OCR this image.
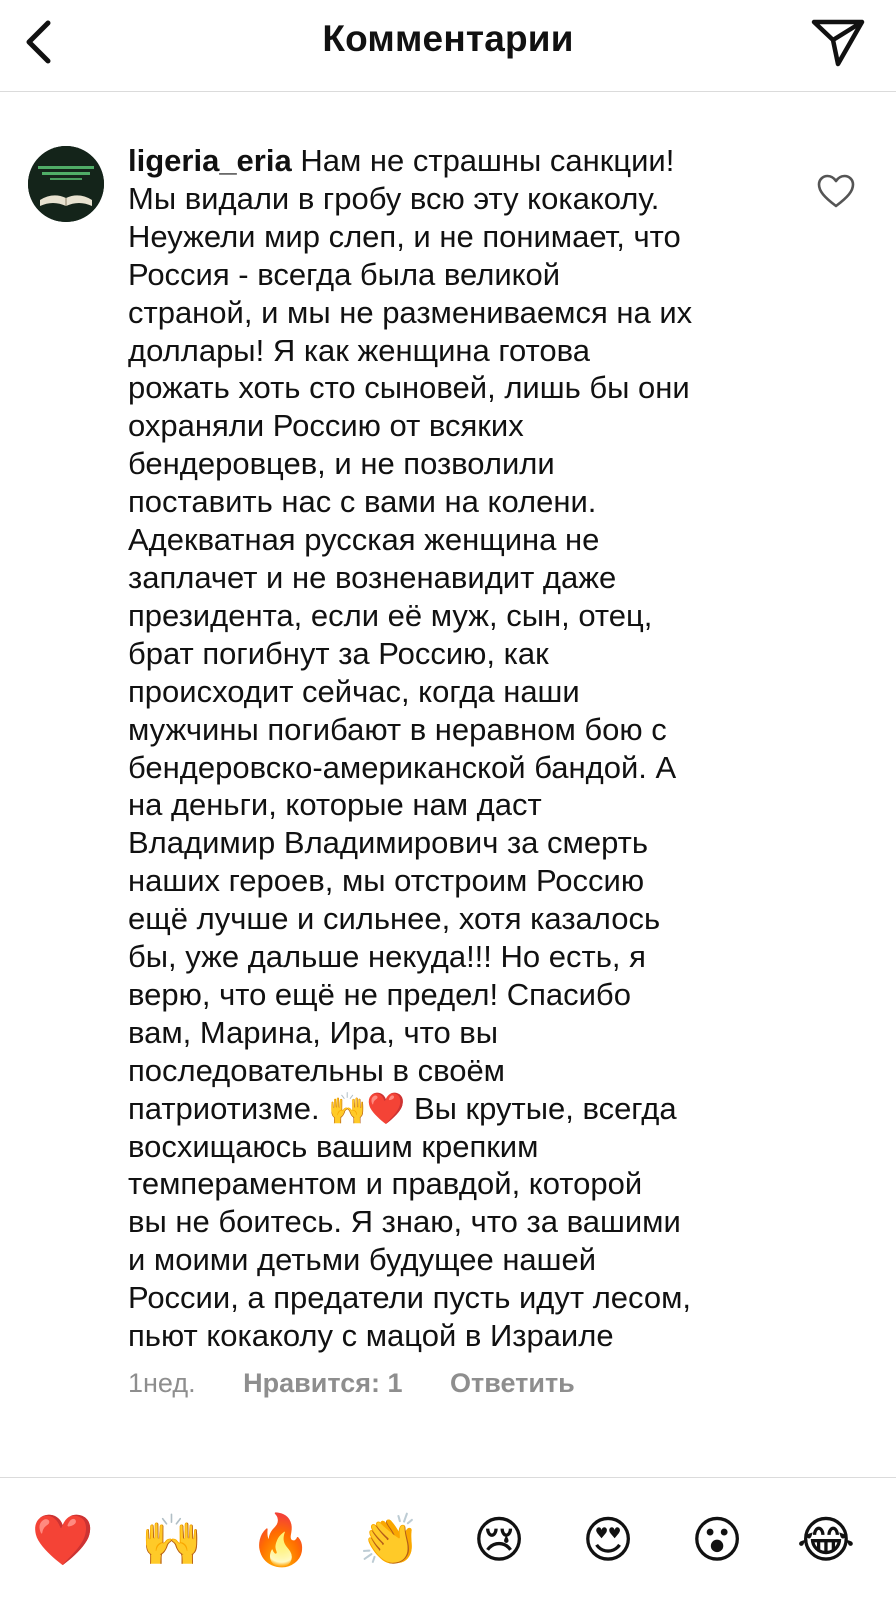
Комментарии
ligeria_eria Нам не страшны санкции!
Мы видали в гробу всю эту кокаколу.
Неужели мир слеп, и не понимает, что
Россия - всегда была великой
страной, и мы не размениваемся на их
доллары! Я как женщина готова
рожать хоть сто сыновей, лишь бы они
охраняли Россию от всяких
бендеровцев, и не позволили
поставить нас с вами на колени.
Адекватная русская женщина не
заплачет и не возненавидит даже
президента, если её муж, сын, отец,
брат погибнут за Россию, как
происходит сейчас, когда наши
мужчины погибают в неравном бою с
бендеровско-американской бандой. А
на деньги, которые нам даст
Владимир Владимирович за смерть
наших героев, мы отстроим Россию
ещё лучше и сильнее, хотя казалось
бы, уже дальше некуда!!! Но есть, я
верю, что ещё не предел! Спасибо
вам, Марина, Ира, что вы
последовательны в своём
патриотизме. 🙌❤️ Вы крутые, всегда
восхищаюсь вашим крепким
темпераментом и правдой, которой
вы не боитесь. Я знаю, что за вашими
и моими детьми будущее нашей
России, а предатели пусть идут лесом,
пьют кокаколу с мацой в Израиле
1нед. Нравится: 1 Ответить
❤️ 🙌 🔥 👏 😢 😍 😮 😂
